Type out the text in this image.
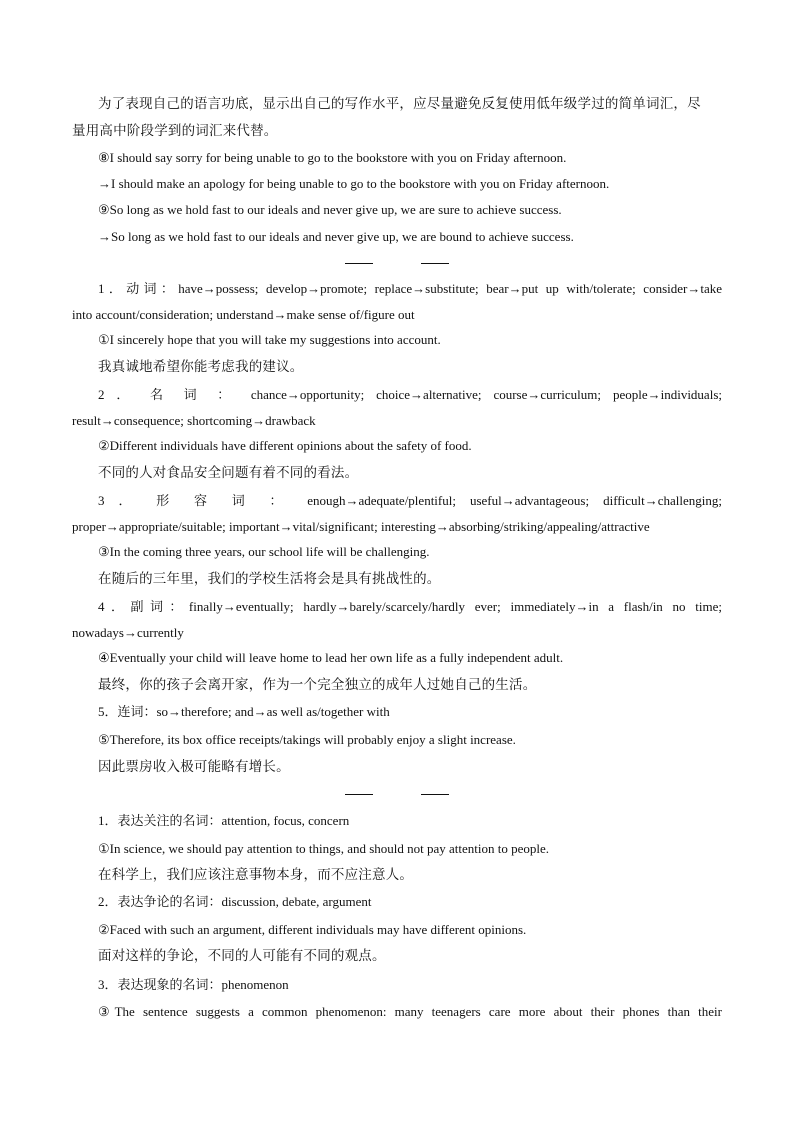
为了表现自己的语言功底，显示出自己的写作水平，应尽量避免反复使用低年级学过的简单词汇，尽
量用高中阶段学到的词汇来代替。
⑧I should say sorry for being unable to go to the bookstore with you on Friday afternoon.
→I should make an apology for being unable to go to the bookstore with you on Friday afternoon.
⑨So long as we hold fast to our ideals and never give up, we are sure to achieve success.
→So long as we hold fast to our ideals and never give up, we are bound to achieve success.
1．动词：have→possess; develop→promote; replace→substitute; bear→put up with/tolerate; consider→take
into account/consideration; understand→make sense of/figure out
①I sincerely hope that you will take my suggestions into account.
我真诚地希望你能考虑我的建议。
2 ． 名 词 ： chance→opportunity; choice→alternative; course→curriculum; people→individuals;
result→consequence; shortcoming→drawback
②Different individuals have different opinions about the safety of food.
不同的人对食品安全问题有着不同的看法。
3 ． 形 容 词 ： enough→adequate/plentiful; useful→advantageous; difficult→challenging;
proper→appropriate/suitable; important→vital/significant; interesting→absorbing/striking/appealing/attractive
③In the coming three years, our school life will be challenging.
在随后的三年里，我们的学校生活将会是具有挑战性的。
4．副词：finally→eventually; hardly→barely/scarcely/hardly ever; immediately→in a flash/in no time;
nowadays→currently
④Eventually your child will leave home to lead her own life as a fully independent adult.
最终，你的孩子会离开家，作为一个完全独立的成年人过她自己的生活。
5．连词：so→therefore; and→as well as/together with
⑤Therefore, its box office receipts/takings will probably enjoy a slight increase.
因此票房收入极可能略有增长。
1．表达关注的名词：attention, focus, concern
①In science, we should pay attention to things, and should not pay attention to people.
在科学上，我们应该注意事物本身，而不应注意人。
2．表达争论的名词：discussion, debate, argument
②Faced with such an argument, different individuals may have different opinions.
面对这样的争论，不同的人可能有不同的观点。
3．表达现象的名词：phenomenon
③The sentence suggests a common phenomenon: many teenagers care more about their phones than their
